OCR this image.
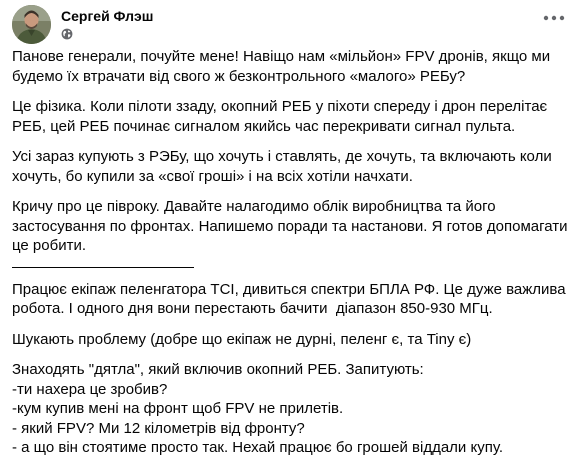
Сергей Флэш

Панове генерали, почуйте мене! Навіщо нам «мільйон» FPV дронів, якщо ми будемо їх втрачати від свого ж безконтрольного «малого» РЕБу?

Це фізика. Коли пілоти ззаду, окопний РЕБ у піхоти спереду і дрон перелітає РЕБ, цей РЕБ починає сигналом якийсь час перекривати сигнал пульта.

Усі зараз купують з РЭБу, що хочуть і ставлять, де хочуть, та включають коли хочуть, бо купили за «свої гроші» і на всіх хотіли начхати.

Кричу про це півроку. Давайте налагодимо облік виробництва та його застосування по фронтах. Напишемо поради та настанови. Я готов допомагати це робити.

Працює екіпаж пеленгатора TCI, дивиться спектри БПЛА РФ. Це дуже важлива робота. І одного дня вони перестають бачити  діапазон 850-930 МГц.

Шукають проблему (добре що екіпаж не дурні, пеленг є, та Tiny є)

Знаходять "дятла", який включив окопний РЕБ. Запитують:
-ти нахера це зробив?
-кум купив мені на фронт щоб FPV не прилетів.
- який FPV? Ми 12 кілометрів від фронту?
- а що він стоятиме просто так. Нехай працює бо грошей віддали купу.
